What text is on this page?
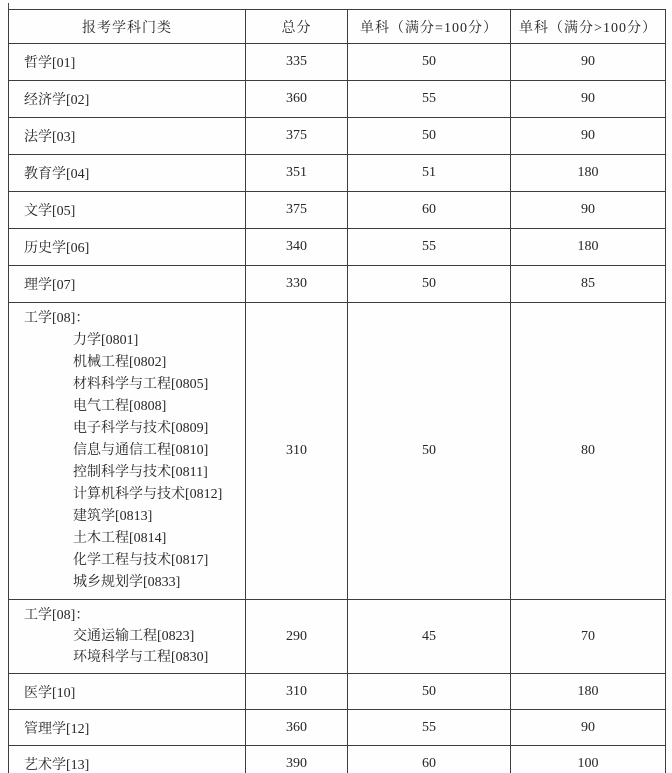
报考学科门类	总分	单科（满分=100分）	单科（满分>100分）
哲学[01]	335	50	90
经济学[02]	360	55	90
法学[03]	375	50	90
教育学[04]	351	51	180
文学[05]	375	60	90
历史学[06]	340	55	180
理学[07]	330	50	85

工学[08]：
力学[0801]
机械工程[0802]
材料科学与工程[0805]
电气工程[0808]
电子科学与技术[0809]
信息与通信工程[0810]
控制科学与技术[0811]
计算机科学与技术[0812]
建筑学[0813]
土木工程[0814]
化学工程与技术[0817]
城乡规划学[0833]
	310	50	80

工学[08]：
交通运输工程[0823]
环境科学与工程[0830]	290	45	70
医学[10]	310	50	180
管理学[12]	360	55	90
艺术学[13]	390	60	100
